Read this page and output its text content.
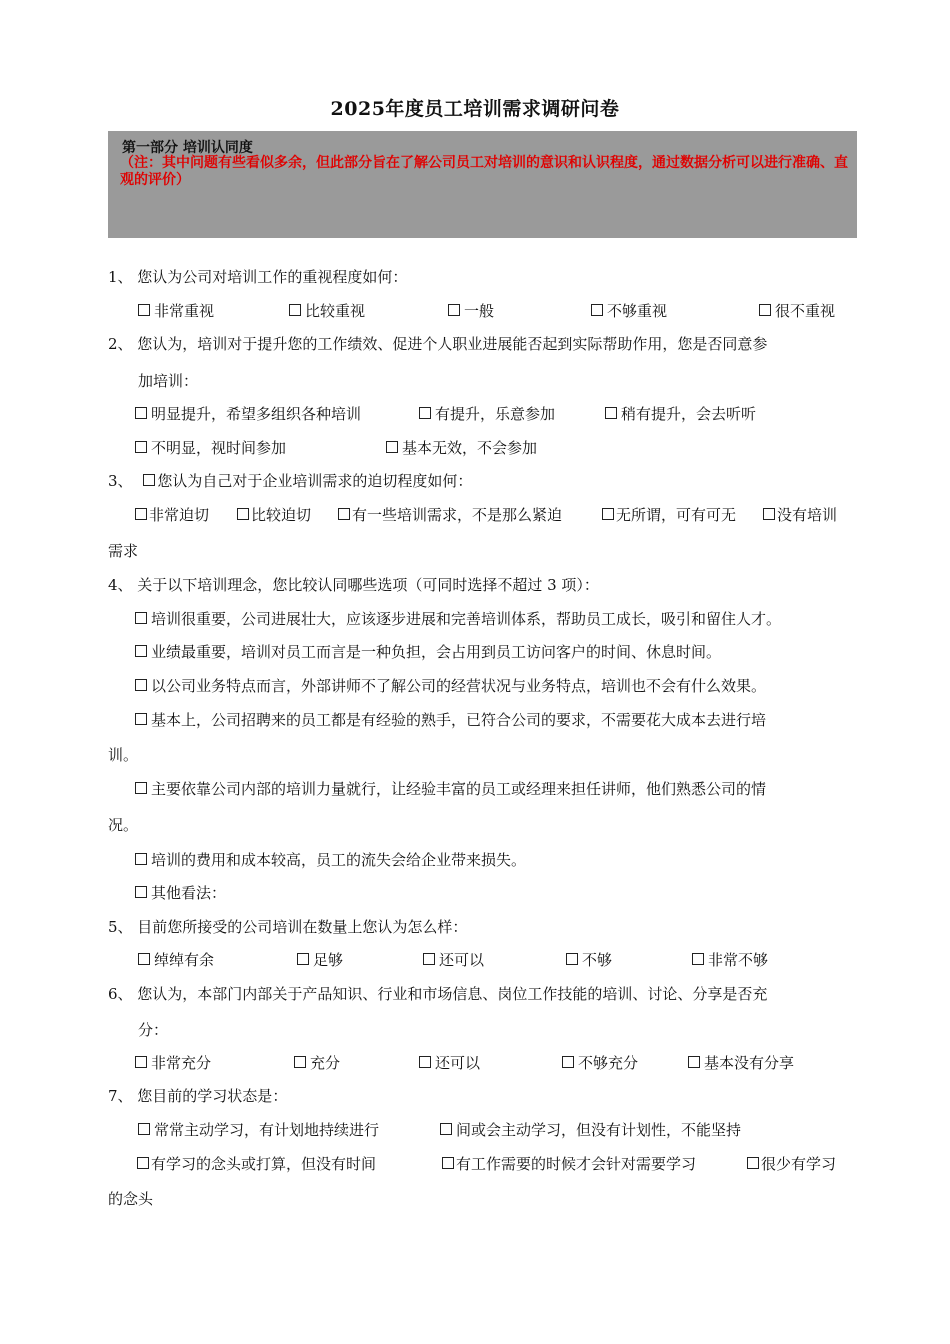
2025年度员工培训需求调研问卷
第一部分 培训认同度
（注：其中问题有些看似多余，但此部分旨在了解公司员工对培训的意识和认识程度，通过数据分析可以进行准确、直观的评价）
1、 您认为公司对培训工作的重视程度如何：
非常重视	比较重视	一般	不够重视	很不重视
2、 您认为，培训对于提升您的工作绩效、促进个人职业进展能否起到实际帮助作用，您是否同意参
加培训：
明显提升，希望多组织各种培训	有提升，乐意参加	稍有提升，会去听听
不明显，视时间参加	基本无效，不会参加
3、 您认为自己对于企业培训需求的迫切程度如何：
非常迫切	比较迫切	有一些培训需求，不是那么紧迫	无所谓，可有可无	没有培训
需求
4、 关于以下培训理念，您比较认同哪些选项（可同时选择不超过 3 项）：
培训很重要，公司进展壮大，应该逐步进展和完善培训体系，帮助员工成长，吸引和留住人才。
业绩最重要，培训对员工而言是一种负担，会占用到员工访问客户的时间、休息时间。
以公司业务特点而言，外部讲师不了解公司的经营状况与业务特点，培训也不会有什么效果。
基本上，公司招聘来的员工都是有经验的熟手，已符合公司的要求，不需要花大成本去进行培
训。
主要依靠公司内部的培训力量就行，让经验丰富的员工或经理来担任讲师，他们熟悉公司的情
况。
培训的费用和成本较高，员工的流失会给企业带来损失。
其他看法：
5、 目前您所接受的公司培训在数量上您认为怎么样：
绰绰有余	足够	还可以	不够	非常不够
6、 您认为，本部门内部关于产品知识、行业和市场信息、岗位工作技能的培训、讨论、分享是否充
分：
非常充分	充分	还可以	不够充分	基本没有分享
7、 您目前的学习状态是：
常常主动学习，有计划地持续进行	间或会主动学习，但没有计划性，不能坚持
有学习的念头或打算，但没有时间	有工作需要的时候才会针对需要学习	很少有学习
的念头
